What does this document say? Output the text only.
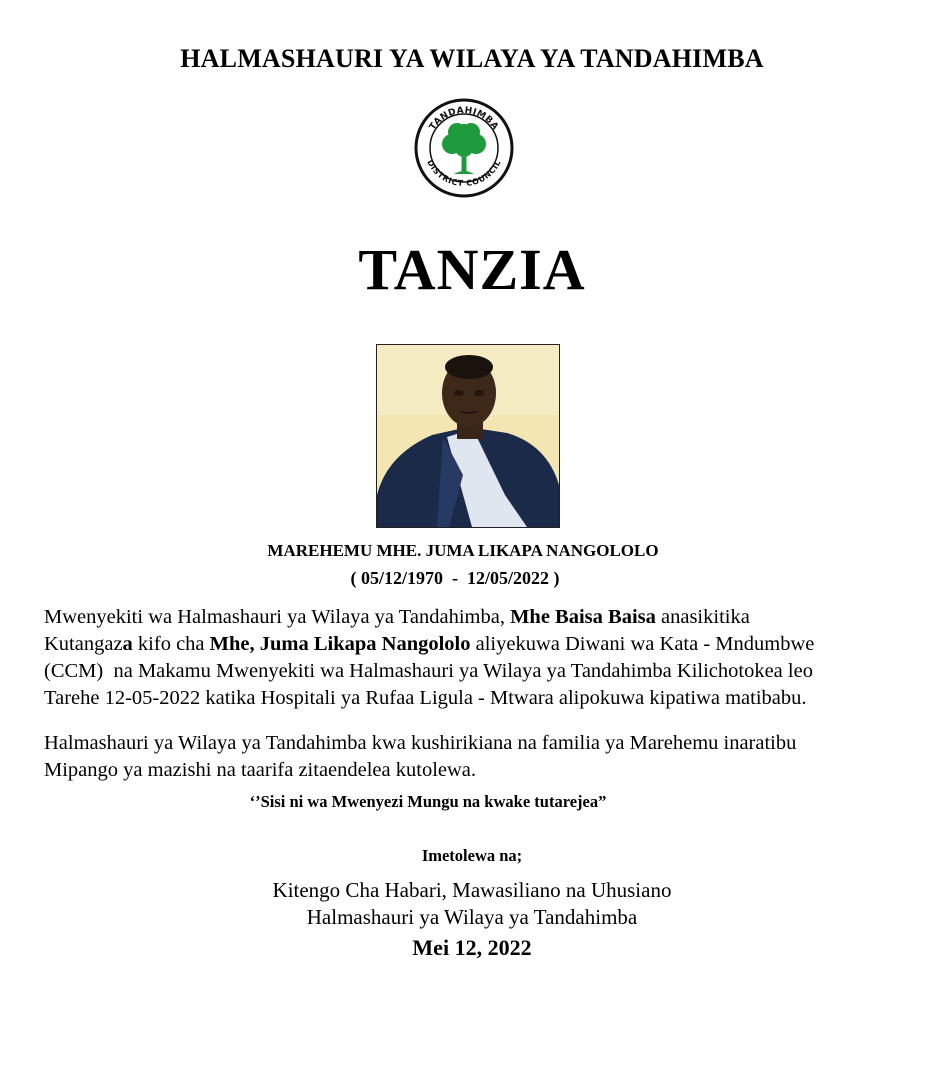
HALMASHAURI YA WILAYA YA TANDAHIMBA
TANDAHIMBA
DISTRICT COUNCIL
TANZIA
MAREHEMU MHE. JUMA LIKAPA NANGOLOLO
( 05/12/1970  -  12/05/2022 )
Mwenyekiti wa Halmashauri ya Wilaya ya Tandahimba, Mhe Baisa Baisa anasikitika
Kutangaza kifo cha Mhe, Juma Likapa Nangololo aliyekuwa Diwani wa Kata - Mndumbwe
(CCM)  na Makamu Mwenyekiti wa Halmashauri ya Wilaya ya Tandahimba Kilichotokea leo
Tarehe 12-05-2022 katika Hospitali ya Rufaa Ligula - Mtwara alipokuwa kipatiwa matibabu.
Halmashauri ya Wilaya ya Tandahimba kwa kushirikiana na familia ya Marehemu inaratibu
Mipango ya mazishi na taarifa zitaendelea kutolewa.
‘’Sisi ni wa Mwenyezi Mungu na kwake tutarejea”
Imetolewa na;
Kitengo Cha Habari, Mawasiliano na Uhusiano
Halmashauri ya Wilaya ya Tandahimba
Mei 12, 2022
